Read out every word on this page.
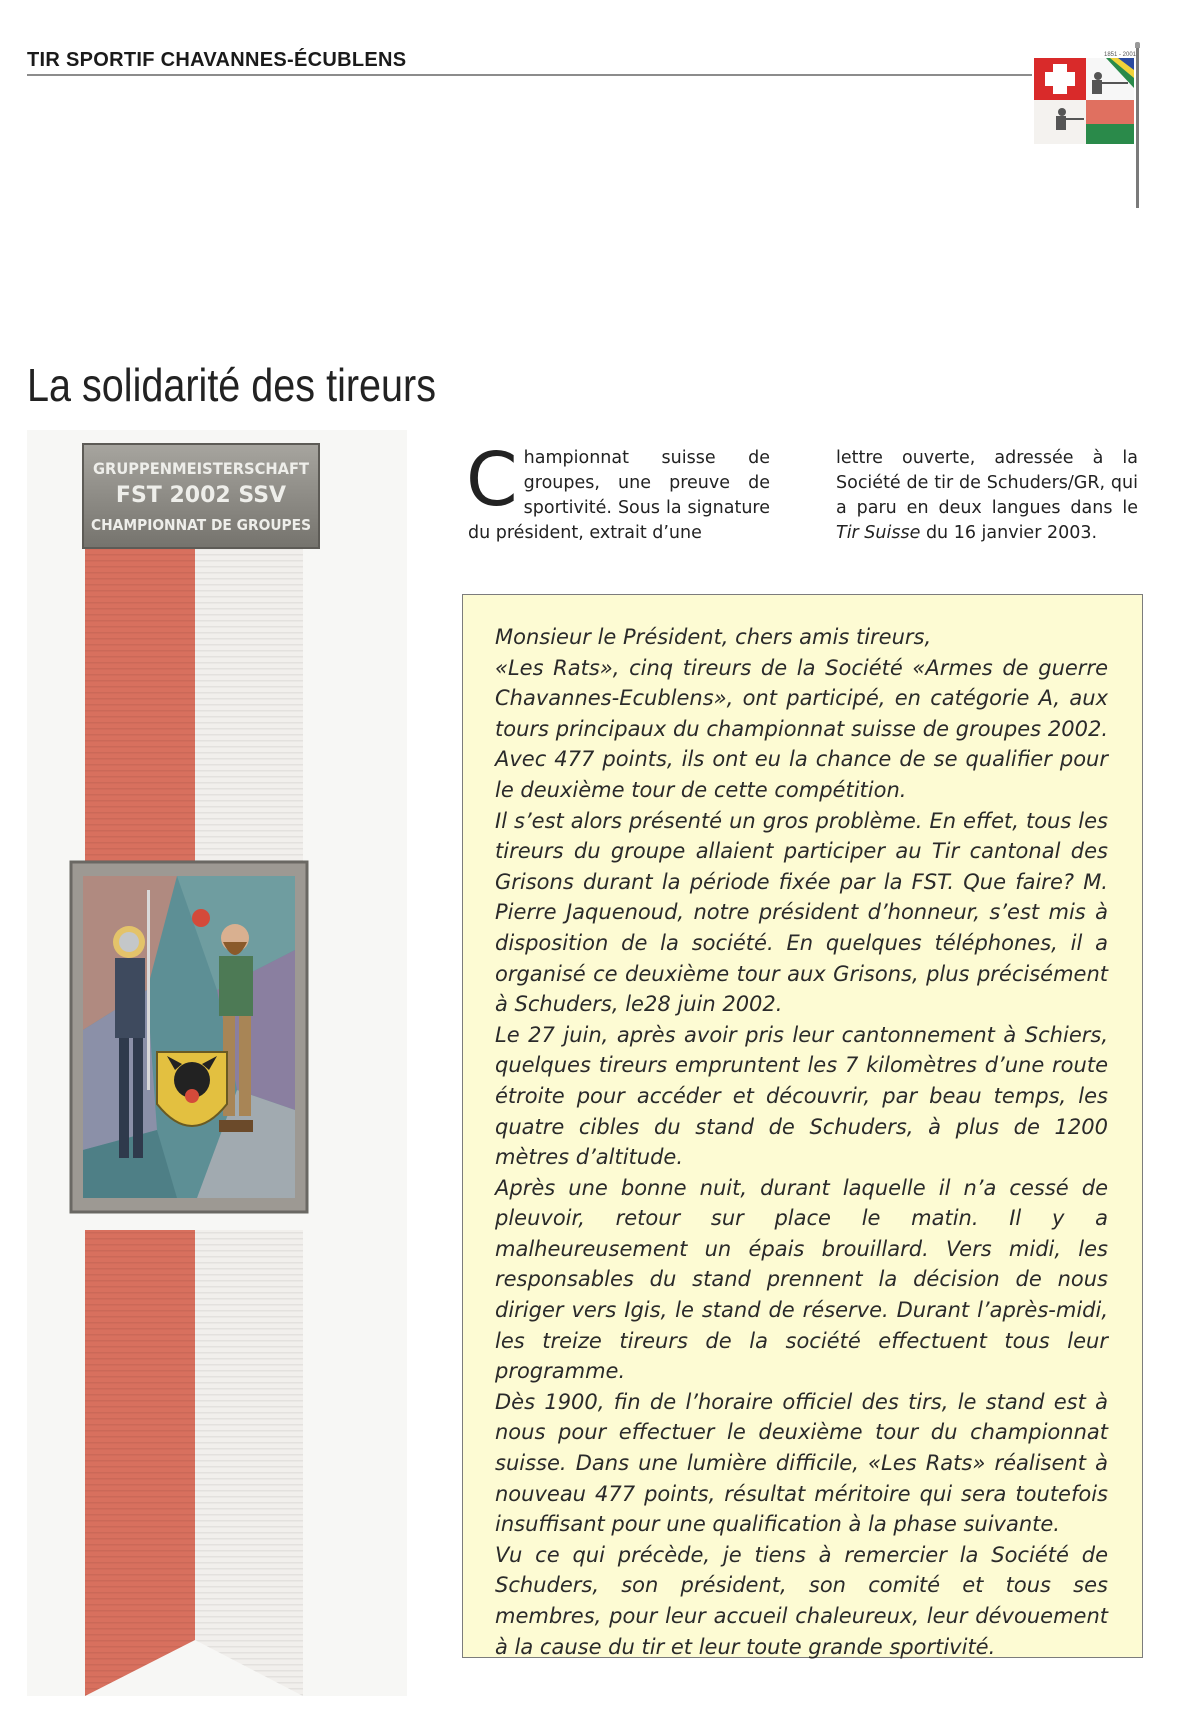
TIR SPORTIF CHAVANNES-ÉCUBLENS	1851 - 2001
La solidarité des tireurs
GRUPPENMEISTERSCHAFT
FST 2002 SSV
CHAMPIONNAT DE GROUPES
Championnat suisse de groupes, une preuve de sportivité. Sous la signature du président, extrait d’une
lettre ouverte, adressée à la Société de tir de Schuders/GR, qui a paru en deux langues dans le Tir Suisse du 16 janvier 2003.

Monsieur le Président, chers amis tireurs,

«Les Rats», cinq tireurs de la Société «Armes de guerre Chavannes-Ecublens», ont participé, en catégorie A, aux tours principaux du championnat suisse de groupes 2002. Avec 477 points, ils ont eu la chance de se qualifier pour le deuxième tour de cette compétition.

Il s’est alors présenté un gros problème. En effet, tous les tireurs du groupe allaient participer au Tir cantonal des Grisons durant la période fixée par la FST. Que faire? M. Pierre Jaquenoud, notre président d’honneur, s’est mis à disposition de la société. En quelques téléphones, il a organisé ce deuxième tour aux Grisons, plus précisément à Schuders, le28 juin 2002.

Le 27 juin, après avoir pris leur cantonnement à Schiers, quelques tireurs empruntent les 7 kilomètres d’une route étroite pour accéder et découvrir, par beau temps, les quatre cibles du stand de Schuders, à plus de 1200 mètres d’altitude.

Après une bonne nuit, durant laquelle il n’a cessé de pleuvoir, retour sur place le matin. Il y a malheureusement un épais brouillard. Vers midi, les responsables du stand prennent la décision de nous diriger vers Igis, le stand de réserve. Durant l’après-midi, les treize tireurs de la société effectuent tous leur programme.

Dès 1900, fin de l’horaire officiel des tirs, le stand est à nous pour effectuer le deuxième tour du championnat suisse. Dans une lumière difficile, «Les Rats» réalisent à nouveau 477 points, résultat méritoire qui sera toutefois insuffisant pour une qualification à la phase suivante.

Vu ce qui précède, je tiens à remercier la Société de Schuders, son président, son comité et tous ses membres, pour leur accueil chaleureux, leur dévouement à la cause du tir et leur toute grande sportivité.
